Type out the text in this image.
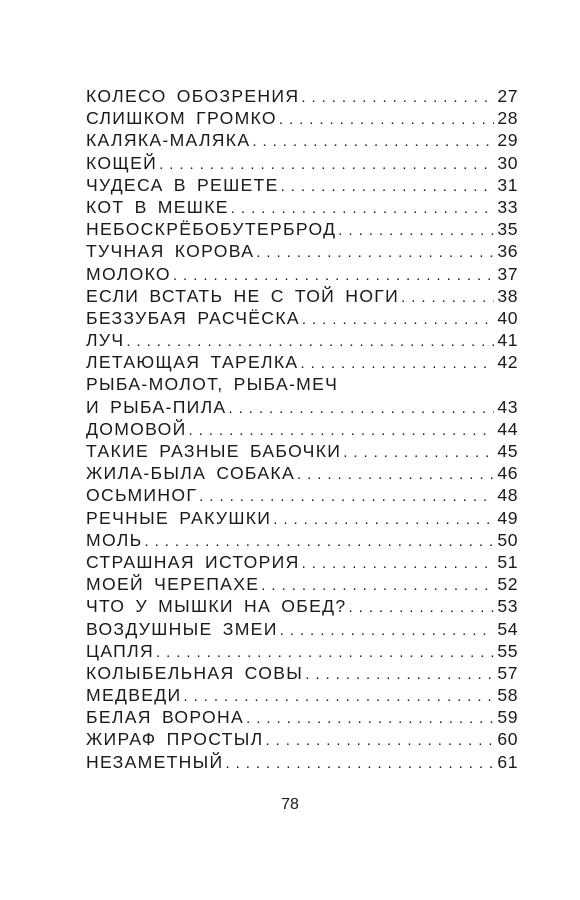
КОЛЕСО ОБОЗРЕНИЯ . . .	27
СЛИШКОМ ГРОМКО . . .	28
КАЛЯКА-МАЛЯКА . . .	29
КОЩЕЙ . . .	30
ЧУДЕСА В РЕШЕТЕ . . .	31
КОТ В МЕШКЕ . . .	33
НЕБОСКРЁБОБУТЕРБРОД . . .	35
ТУЧНАЯ КОРОВА . . .	36
МОЛОКО . . .	37
ЕСЛИ ВСТАТЬ НЕ С ТОЙ НОГИ . . .	38
БЕЗЗУБАЯ РАСЧЁСКА . . .	40
ЛУЧ . . .	41
ЛЕТАЮЩАЯ ТАРЕЛКА . . .	42
РЫБА-МОЛОТ, РЫБА-МЕЧ
И РЫБА-ПИЛА . . .	43
ДОМОВОЙ . . .	44
ТАКИЕ РАЗНЫЕ БАБОЧКИ . . .	45
ЖИЛА-БЫЛА СОБАКА . . .	46
ОСЬМИНОГ . . .	48
РЕЧНЫЕ РАКУШКИ . . .	49
МОЛЬ . . .	50
СТРАШНАЯ ИСТОРИЯ . . .	51
МОЕЙ ЧЕРЕПАХЕ . . .	52
ЧТО У МЫШКИ НА ОБЕД? . . .	53
ВОЗДУШНЫЕ ЗМЕИ . . .	54
ЦАПЛЯ . . .	55
КОЛЫБЕЛЬНАЯ СОВЫ . . .	57
МЕДВЕДИ . . .	58
БЕЛАЯ ВОРОНА . . .	59
ЖИРАФ ПРОСТЫЛ . . .	60
НЕЗАМЕТНЫЙ . . .	61
78
